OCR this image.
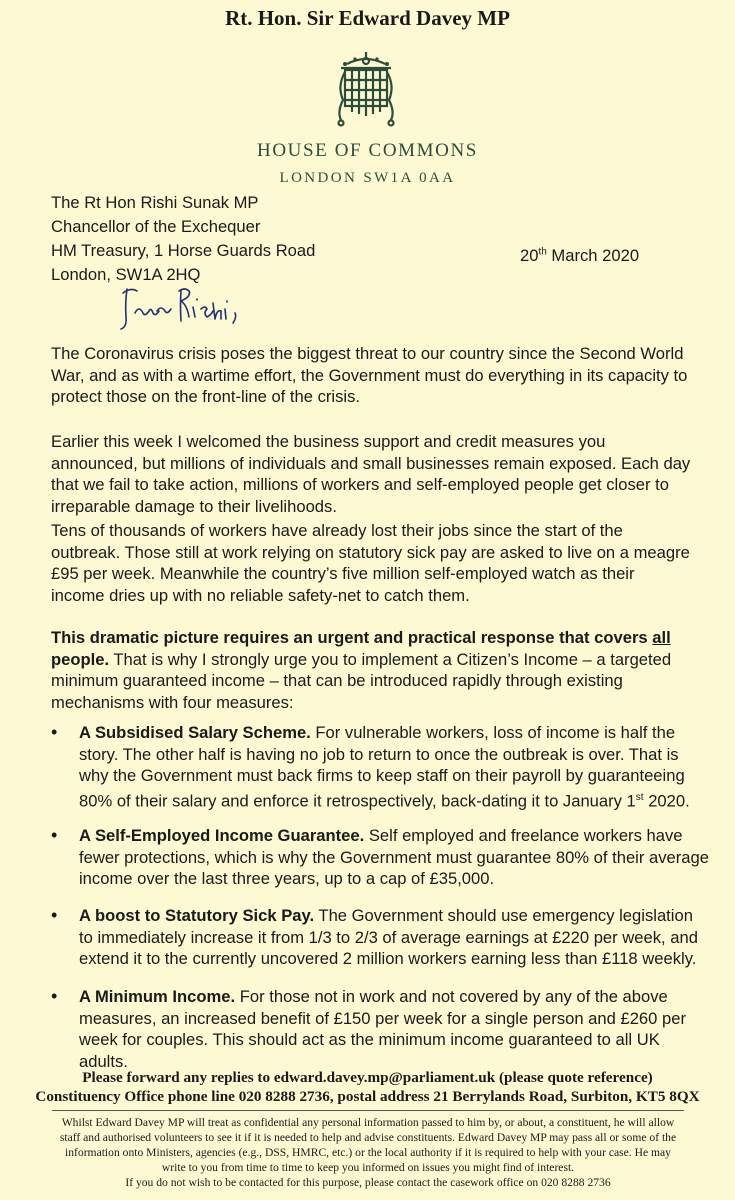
Rt. Hon. Sir Edward Davey MP
HOUSE OF COMMONS
LONDON SW1A 0AA
The Rt Hon Rishi Sunak MP
Chancellor of the Exchequer
HM Treasury, 1 Horse Guards Road
London, SW1A 2HQ
20th March 2020

The Coronavirus crisis poses the biggest threat to our country since the Second World War, and as with a wartime effort, the Government must do everything in its capacity to protect those on the front-line of the crisis.

Earlier this week I welcomed the business support and credit measures you announced, but millions of individuals and small businesses remain exposed. Each day that we fail to take action, millions of workers and self-employed people get closer to irreparable damage to their livelihoods.

Tens of thousands of workers have already lost their jobs since the start of the outbreak. Those still at work relying on statutory sick pay are asked to live on a meagre £95 per week. Meanwhile the country’s five million self-employed watch as their income dries up with no reliable safety-net to catch them.

This dramatic picture requires an urgent and practical response that covers all people. That is why I strongly urge you to implement a Citizen’s Income – a targeted minimum guaranteed income – that can be introduced rapidly through existing mechanisms with four measures:

• A Subsidised Salary Scheme. For vulnerable workers, loss of income is half the story. The other half is having no job to return to once the outbreak is over. That is why the Government must back firms to keep staff on their payroll by guaranteeing 80% of their salary and enforce it retrospectively, back-dating it to January 1st 2020.
• A Self-Employed Income Guarantee. Self employed and freelance workers have fewer protections, which is why the Government must guarantee 80% of their average income over the last three years, up to a cap of £35,000.
• A boost to Statutory Sick Pay. The Government should use emergency legislation to immediately increase it from 1/3 to 2/3 of average earnings at £220 per week, and extend it to the currently uncovered 2 million workers earning less than £118 weekly.
• A Minimum Income. For those not in work and not covered by any of the above measures, an increased benefit of £150 per week for a single person and £260 per week for couples. This should act as the minimum income guaranteed to all UK adults.
Please forward any replies to edward.davey.mp@parliament.uk (please quote reference)
Constituency Office phone line 020 8288 2736, postal address 21 Berrylands Road, Surbiton, KT5 8QX
Whilst Edward Davey MP will treat as confidential any personal information passed to him by, or about, a constituent, he will allow staff and authorised volunteers to see it if it is needed to help and advise constituents. Edward Davey MP may pass all or some of the information onto Ministers, agencies (e.g., DSS, HMRC, etc.) or the local authority if it is required to help with your case. He may write to you from time to time to keep you informed on issues you might find of interest.
If you do not wish to be contacted for this purpose, please contact the casework office on 020 8288 2736
